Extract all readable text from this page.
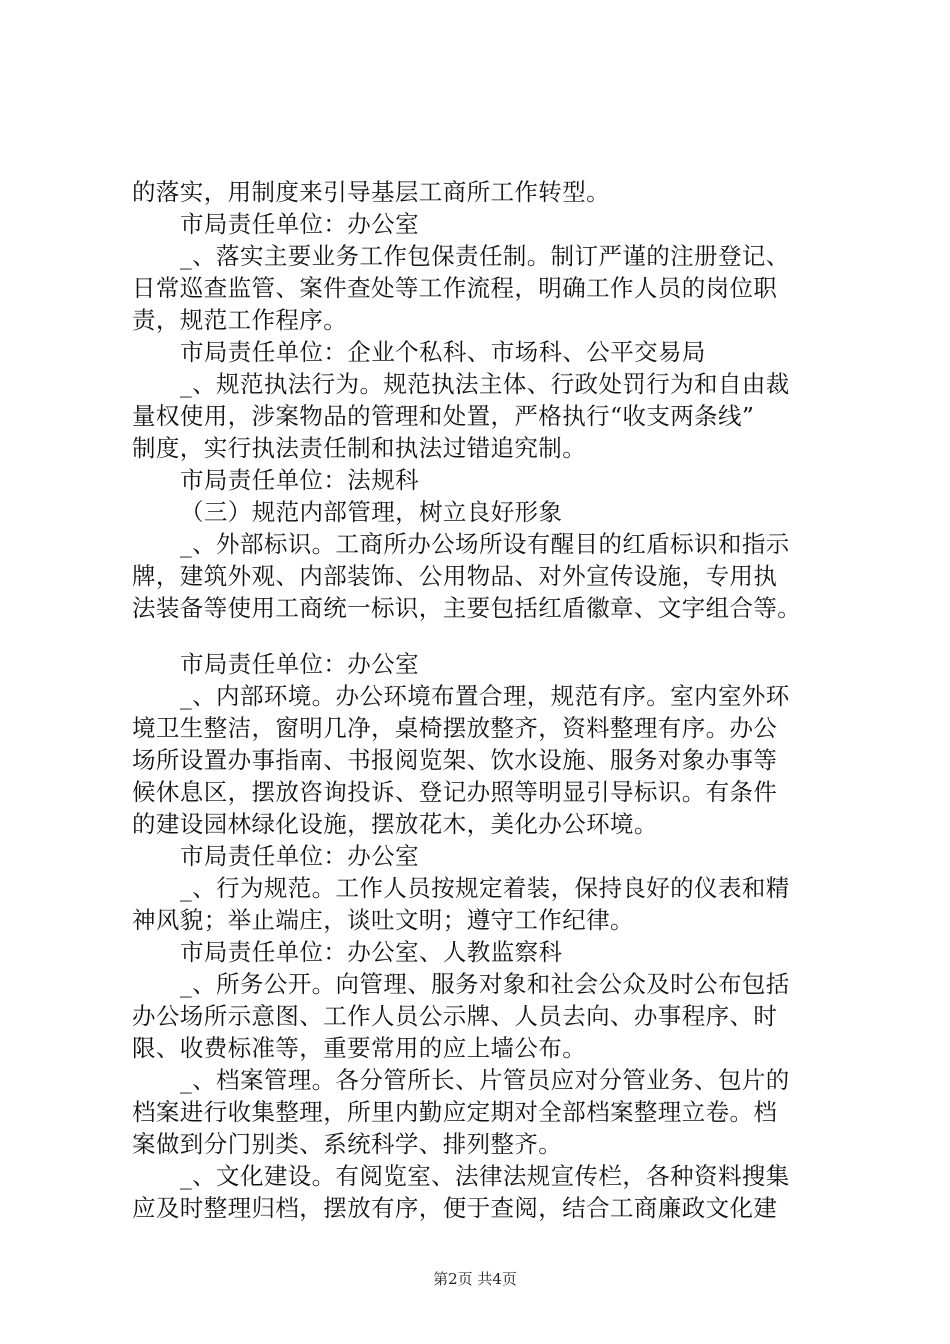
的落实，用制度来引导基层工商所工作转型。
市局责任单位：办公室
_、落实主要业务工作包保责任制。制订严谨的注册登记、
日常巡查监管、案件查处等工作流程，明确工作人员的岗位职
责，规范工作程序。
市局责任单位：企业个私科、市场科、公平交易局
_、规范执法行为。规范执法主体、行政处罚行为和自由裁
量权使用，涉案物品的管理和处置，严格执行“收支两条线”
制度，实行执法责任制和执法过错追究制。
市局责任单位：法规科
（三）规范内部管理，树立良好形象
_、外部标识。工商所办公场所设有醒目的红盾标识和指示
牌，建筑外观、内部装饰、公用物品、对外宣传设施，专用执
法装备等使用工商统一标识，主要包括红盾徽章、文字组合等。
市局责任单位：办公室
_、内部环境。办公环境布置合理，规范有序。室内室外环
境卫生整洁，窗明几净，桌椅摆放整齐，资料整理有序。办公
场所设置办事指南、书报阅览架、饮水设施、服务对象办事等
候休息区，摆放咨询投诉、登记办照等明显引导标识。有条件
的建设园林绿化设施，摆放花木，美化办公环境。
市局责任单位：办公室
_、行为规范。工作人员按规定着装，保持良好的仪表和精
神风貌；举止端庄，谈吐文明；遵守工作纪律。
市局责任单位：办公室、人教监察科
_、所务公开。向管理、服务对象和社会公众及时公布包括
办公场所示意图、工作人员公示牌、人员去向、办事程序、时
限、收费标准等，重要常用的应上墙公布。
_、档案管理。各分管所长、片管员应对分管业务、包片的
档案进行收集整理，所里内勤应定期对全部档案整理立卷。档
案做到分门别类、系统科学、排列整齐。
_、文化建设。有阅览室、法律法规宣传栏，各种资料搜集
应及时整理归档，摆放有序，便于查阅，结合工商廉政文化建
第2页 共4页
